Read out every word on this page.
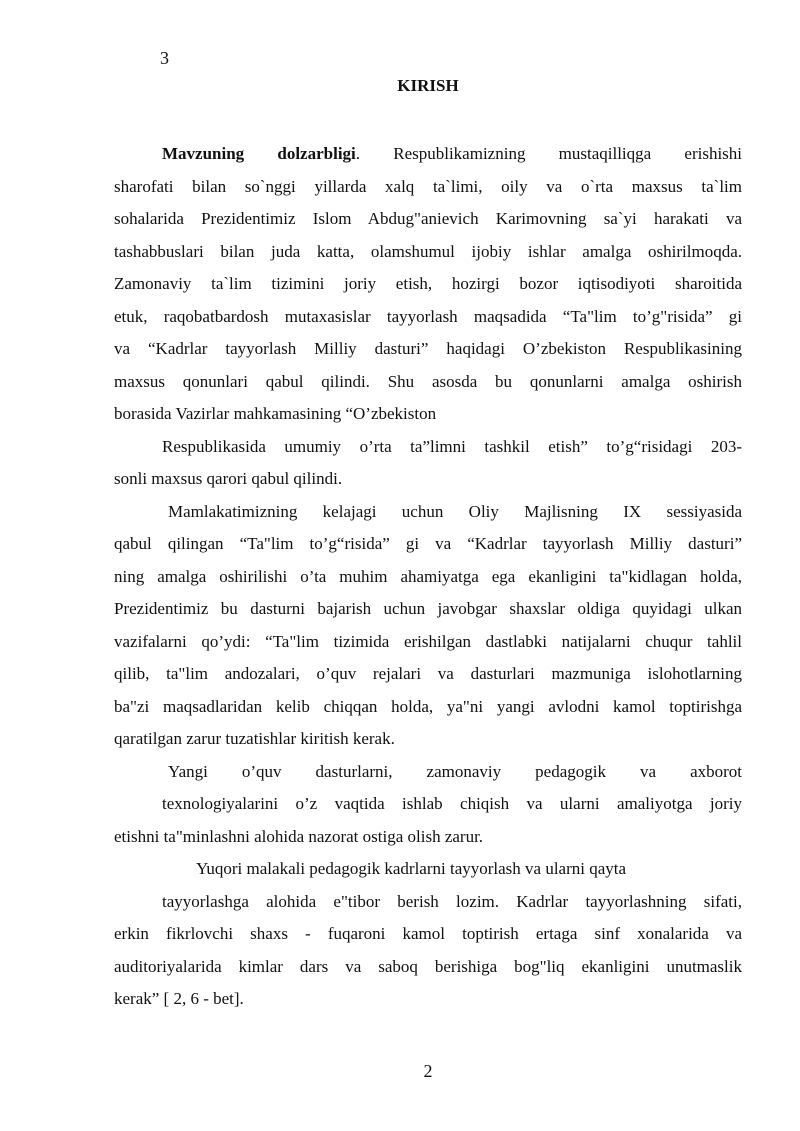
3
KIRISH
Mavzuning dolzarbligi. Respublikamizning mustaqilliqga erishishi
sharofati bilan so`nggi yillarda xalq ta`limi, oily va o`rta maxsus ta`lim
sohalarida Prezidentimiz Islom Abdug"anievich Karimovning sa`yi harakati va
tashabbuslari bilan juda katta, olamshumul ijobiy ishlar amalga oshirilmoqda.
Zamonaviy ta`lim tizimini joriy etish, hozirgi bozor iqtisodiyoti sharoitida
etuk, raqobatbardosh mutaxasislar tayyorlash maqsadida “Ta"lim to’g"risida” gi
va “Kadrlar tayyorlash Milliy dasturi” haqidagi O’zbekiston Respublikasining
maxsus qonunlari qabul qilindi. Shu asosda bu qonunlarni amalga oshirish
borasida Vazirlar mahkamasining “O’zbekiston
Respublikasida umumiy o’rta ta”limni tashkil etish” to’g“risidagi 203-
sonli maxsus qarori qabul qilindi.
Mamlakatimizning kelajagi uchun Oliy Majlisning IX sessiyasida
qabul qilingan “Ta"lim to’g“risida” gi va “Kadrlar tayyorlash Milliy dasturi”
ning amalga oshirilishi o’ta muhim ahamiyatga ega ekanligini ta"kidlagan holda,
Prezidentimiz bu dasturni bajarish uchun javobgar shaxslar oldiga quyidagi ulkan
vazifalarni qo’ydi: “Ta"lim tizimida erishilgan dastlabki natijalarni chuqur tahlil
qilib, ta"lim andozalari, o’quv rejalari va dasturlari mazmuniga islohotlarning
ba"zi maqsadlaridan kelib chiqqan holda, ya"ni yangi avlodni kamol toptirishga
qaratilgan zarur tuzatishlar kiritish kerak.
Yangi o’quv dasturlarni, zamonaviy pedagogik va axborot
texnologiyalarini o’z vaqtida ishlab chiqish va ularni amaliyotga joriy
etishni ta"minlashni alohida nazorat ostiga olish zarur.
Yuqori malakali pedagogik kadrlarni tayyorlash va ularni qayta
tayyorlashga alohida e"tibor berish lozim. Kadrlar tayyorlashning sifati,
erkin fikrlovchi shaxs - fuqaroni kamol toptirish ertaga sinf xonalarida va
auditoriyalarida kimlar dars va saboq berishiga bog"liq ekanligini unutmaslik
kerak” [ 2, 6 - bet].
2
